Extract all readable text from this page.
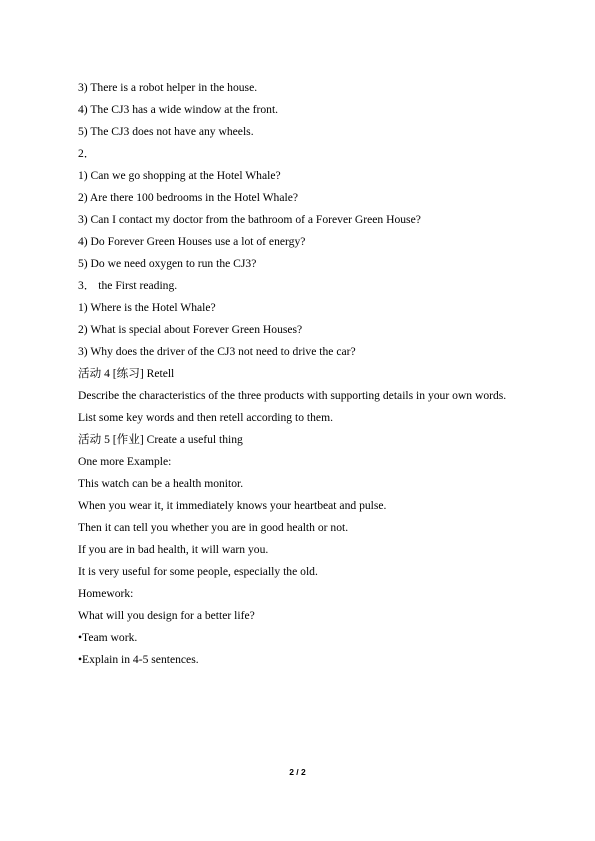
3) There is a robot helper in the house.
4) The CJ3 has a wide window at the front.
5) The CJ3 does not have any wheels.
2．
1) Can we go shopping at the Hotel Whale?
2) Are there 100 bedrooms in the Hotel Whale?
3) Can I contact my doctor from the bathroom of a Forever Green House?
4) Do Forever Green Houses use a lot of energy?
5) Do we need oxygen to run the CJ3?
3． the First reading.
1) Where is the Hotel Whale?
2) What is special about Forever Green Houses?
3) Why does the driver of the CJ3 not need to drive the car?
活动 4 [练习] Retell
Describe the characteristics of the three products with supporting details in your own words.
List some key words and then retell according to them.
活动 5 [作业] Create a useful thing
One more Example:
This watch can be a health monitor.
When you wear it, it immediately knows your heartbeat and pulse.
Then it can tell you whether you are in good health or not.
If you are in bad health, it will warn you.
It is very useful for some people, especially the old.
Homework:
What will you design for a better life?
•Team work.
•Explain in 4-5 sentences.
2 / 2
